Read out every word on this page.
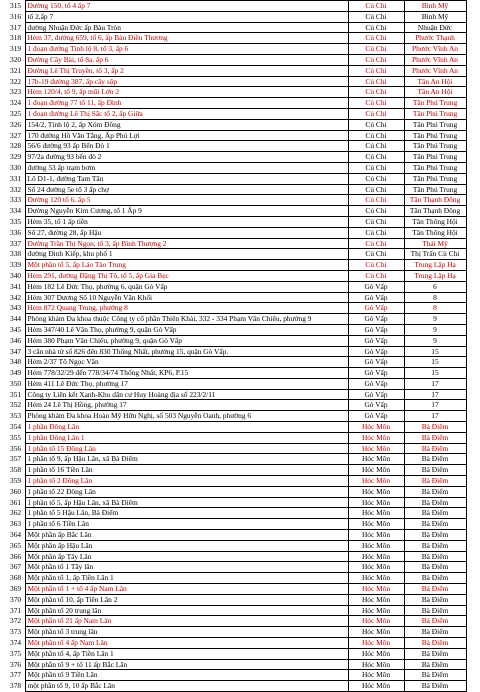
315	Đường 150, tổ 4 ấp 7	Củ Chi	Bình Mỹ
316	tổ 2,ấp 7	Củ Chi	Bình Mỹ
317	đường Nhuận Đức ấp Bàu Tròn	Củ Chi	Nhuận Đức
318	Hẻm 37, đường 659, tổ 6, ấp Bàu Điều Thương	Củ Chi	Phước Thạnh
319	1 đoạn đường Tỉnh lộ 8, tổ 3, ấp 6	Củ Chi	Phước Vĩnh An
320	Đường Cây Bài, tổ 8a, ấp 6	Củ Chi	Phước Vĩnh An
321	Đường Lê Thị Truyền, tổ 3, ấp 2	Củ Chi	Phước Vĩnh An
322	17b-19 đường 387, ấp cây sộp	Củ Chi	Tân An Hội
323	Hẻm 120/4, tổ 9, ấp mũi Lớn 2	Củ Chi	Tân An Hội
324	1 đoạn đường 77 tổ 11, ấp Đình	Củ Chi	Tân Phú Trung
325	1 đoạn đường Lê Thị Sắc tổ 2, ấp Giữa	Củ Chi	Tân Phú Trung
326	154/2, Tỉnh lộ 2, ấp Xóm Đồng	Củ Chi	Tân Phú Trung
327	170 đường Hồ Văn Tắng, Ấp Phú Lợi	Củ Chi	Tân Phú Trung
328	56/6 đường 93 ấp Bến Đò 1	Củ Chi	Tân Phú Trung
329	97/2a đường 93 bến đò 2	Củ Chi	Tân Phú Trung
330	đường 53 ấp trạm bơm	Củ Chi	Tân Phú Trung
331	Lô D1-1, đường Tam Tân	Củ Chi	Tân Phú Trung
332	Số 24 đường 5e tổ 3 ấp chợ	Củ Chi	Tân Phú Trung
333	Đường 120 tổ 6, ấp 5	Củ Chi	Tân Thạnh Đông
334	Đường Nguyễn Kim Cương, tổ 1 Ấp 9	Củ Chi	Tân Thạnh Đông
335	Hẻm 35, tổ 1 ấp tiền	Củ Chi	Tân Thông Hội
336	Số 27, đường 28, ấp Hậu	Củ Chi	Tân Thông Hội
337	Đường Trần Thị Ngọn, tổ 3, ấp Bình Thượng 2	Củ Chi	Thái Mỹ
338	đường Đinh Kiếp, khu phố 1	Củ Chi	Thị Trấn Củ Chi
339	Một phần tổ 5, ấp Láo Táo Trung	Củ Chi	Trung Lập Hạ
340	Hẻm 291, đường Đặng Thị Tô, tổ 5, ấp Gia Bẹc	Củ Chi	Trung Lập Hạ
341	Hẻm 182 Lê Đức Thọ, phường 6, quận Gò Vấp	Gò Vấp	6
342	Hẻm 307 Dương Số 10 Nguyễn Văn Khối	Gò Vấp	8
343	Hẻm 872 Quang Trung, phường 8	Gò Vấp	8
344	Phòng khám Đa khoa thuộc Công ty cổ phần Thiên Khải, 332 - 334 Phạm Văn Chiêu, phường 9	Gò Vấp	9
345	Hẻm 347/40 Lê Văn Thọ, phường 9, quận Gò Vấp	Gò Vấp	9
346	Hẻm 380 Phạm Văn Chiêu, phường 9, quận Gò Vấp	Gò Vấp	9
347	3 căn nhà từ số 826 đến 830 Thống Nhất, phường 15, quận Gò Vấp.	Gò Vấp	15
348	Hẻm 2/37 Tô Ngọc Vân	Gò Vấp	15
349	Hẻm 778/32/29 đến 778/34/74 Thống Nhất, KP6, P.15	Gò Vấp	15
350	Hẻm 411 Lê Đức Thọ, phường 17	Gò Vấp	17
351	Công ty Liên kết Xanh-Khu dân cư Huy Hoàng địa số 223/2/11	Gò Vấp	17
352	Hẻm 24 Lê Thị Hồng, phường 17	Gò Vấp	17
353	Phòng khám Đa khoa Hoàn Mỹ Hữu Nghị, số 503 Nguyễn Oanh, phường 6	Gò Vấp	17
354	1 phần Đông Lân	Hóc Môn	Bà Điểm
355	1 phần Đông Lân 1	Hóc Môn	Bà Điểm
356	1 phần tổ 15 Đông Lân	Hóc Môn	Bà Điểm
357	1 phần tổ 9, ấp Hậu Lân, xã Bà Điểm	Hóc Môn	Bà Điểm
358	1 phần tổ 16 Tiền Lân	Hóc Môn	Bà Điểm
359	1 phần tổ 2 Đông Lân	Hóc Môn	Bà Điểm
360	1 phần tổ 22 Đông Lân	Hóc Môn	Bà Điểm
361	1 phần tổ 5, ấp Hậu Lân, xã Bà Điểm	Hóc Môn	Bà Điểm
362	1 phần tổ 5 Hậu Lân, Bà Điểm	Hóc Môn	Bà Điểm
363	1 phần tổ 6 Tiền Lân	Hóc Môn	Bà Điểm
364	Một phần ấp Bắc Lân	Hóc Môn	Bà Điểm
365	Một phần ấp Hậu Lân	Hóc Môn	Bà Điểm
366	Một phần ấp Tây Lân	Hóc Môn	Bà Điểm
367	Một phần tổ 1 Tây lân	Hóc Môn	Bà Điểm
368	Một phần tổ 1, ấp Tiền Lân 1	Hóc Môn	Bà Điểm
369	Một phần tổ 1 + tổ 4 ấp Nam Lân	Hóc Môn	Bà Điểm
370	Một phần tổ 10, ấp Tiền Lân 2	Hóc Môn	Bà Điểm
371	Một phần tổ 20 trung lân	Hóc Môn	Bà Điểm
372	Một phần tổ 21 ấp Nam Lân	Hóc Môn	Bà Điểm
373	Một phần tổ 3 trung lân	Hóc Môn	Bà Điểm
374	Một phần tổ 4 ấp Nam Lân	Hóc Môn	Bà Điểm
375	Một phần tổ 4, ấp Tiền Lân 1	Hóc Môn	Bà Điểm
376	Một phần tổ 9 + tổ 11 ấp Bắc Lân	Hóc Môn	Bà Điểm
377	Một phần tổ 9 Tiền Lân	Hóc Môn	Bà Điểm
378	một phần tổ 9, 10 ấp Bắc Lân	Hóc Môn	Bà Điểm
